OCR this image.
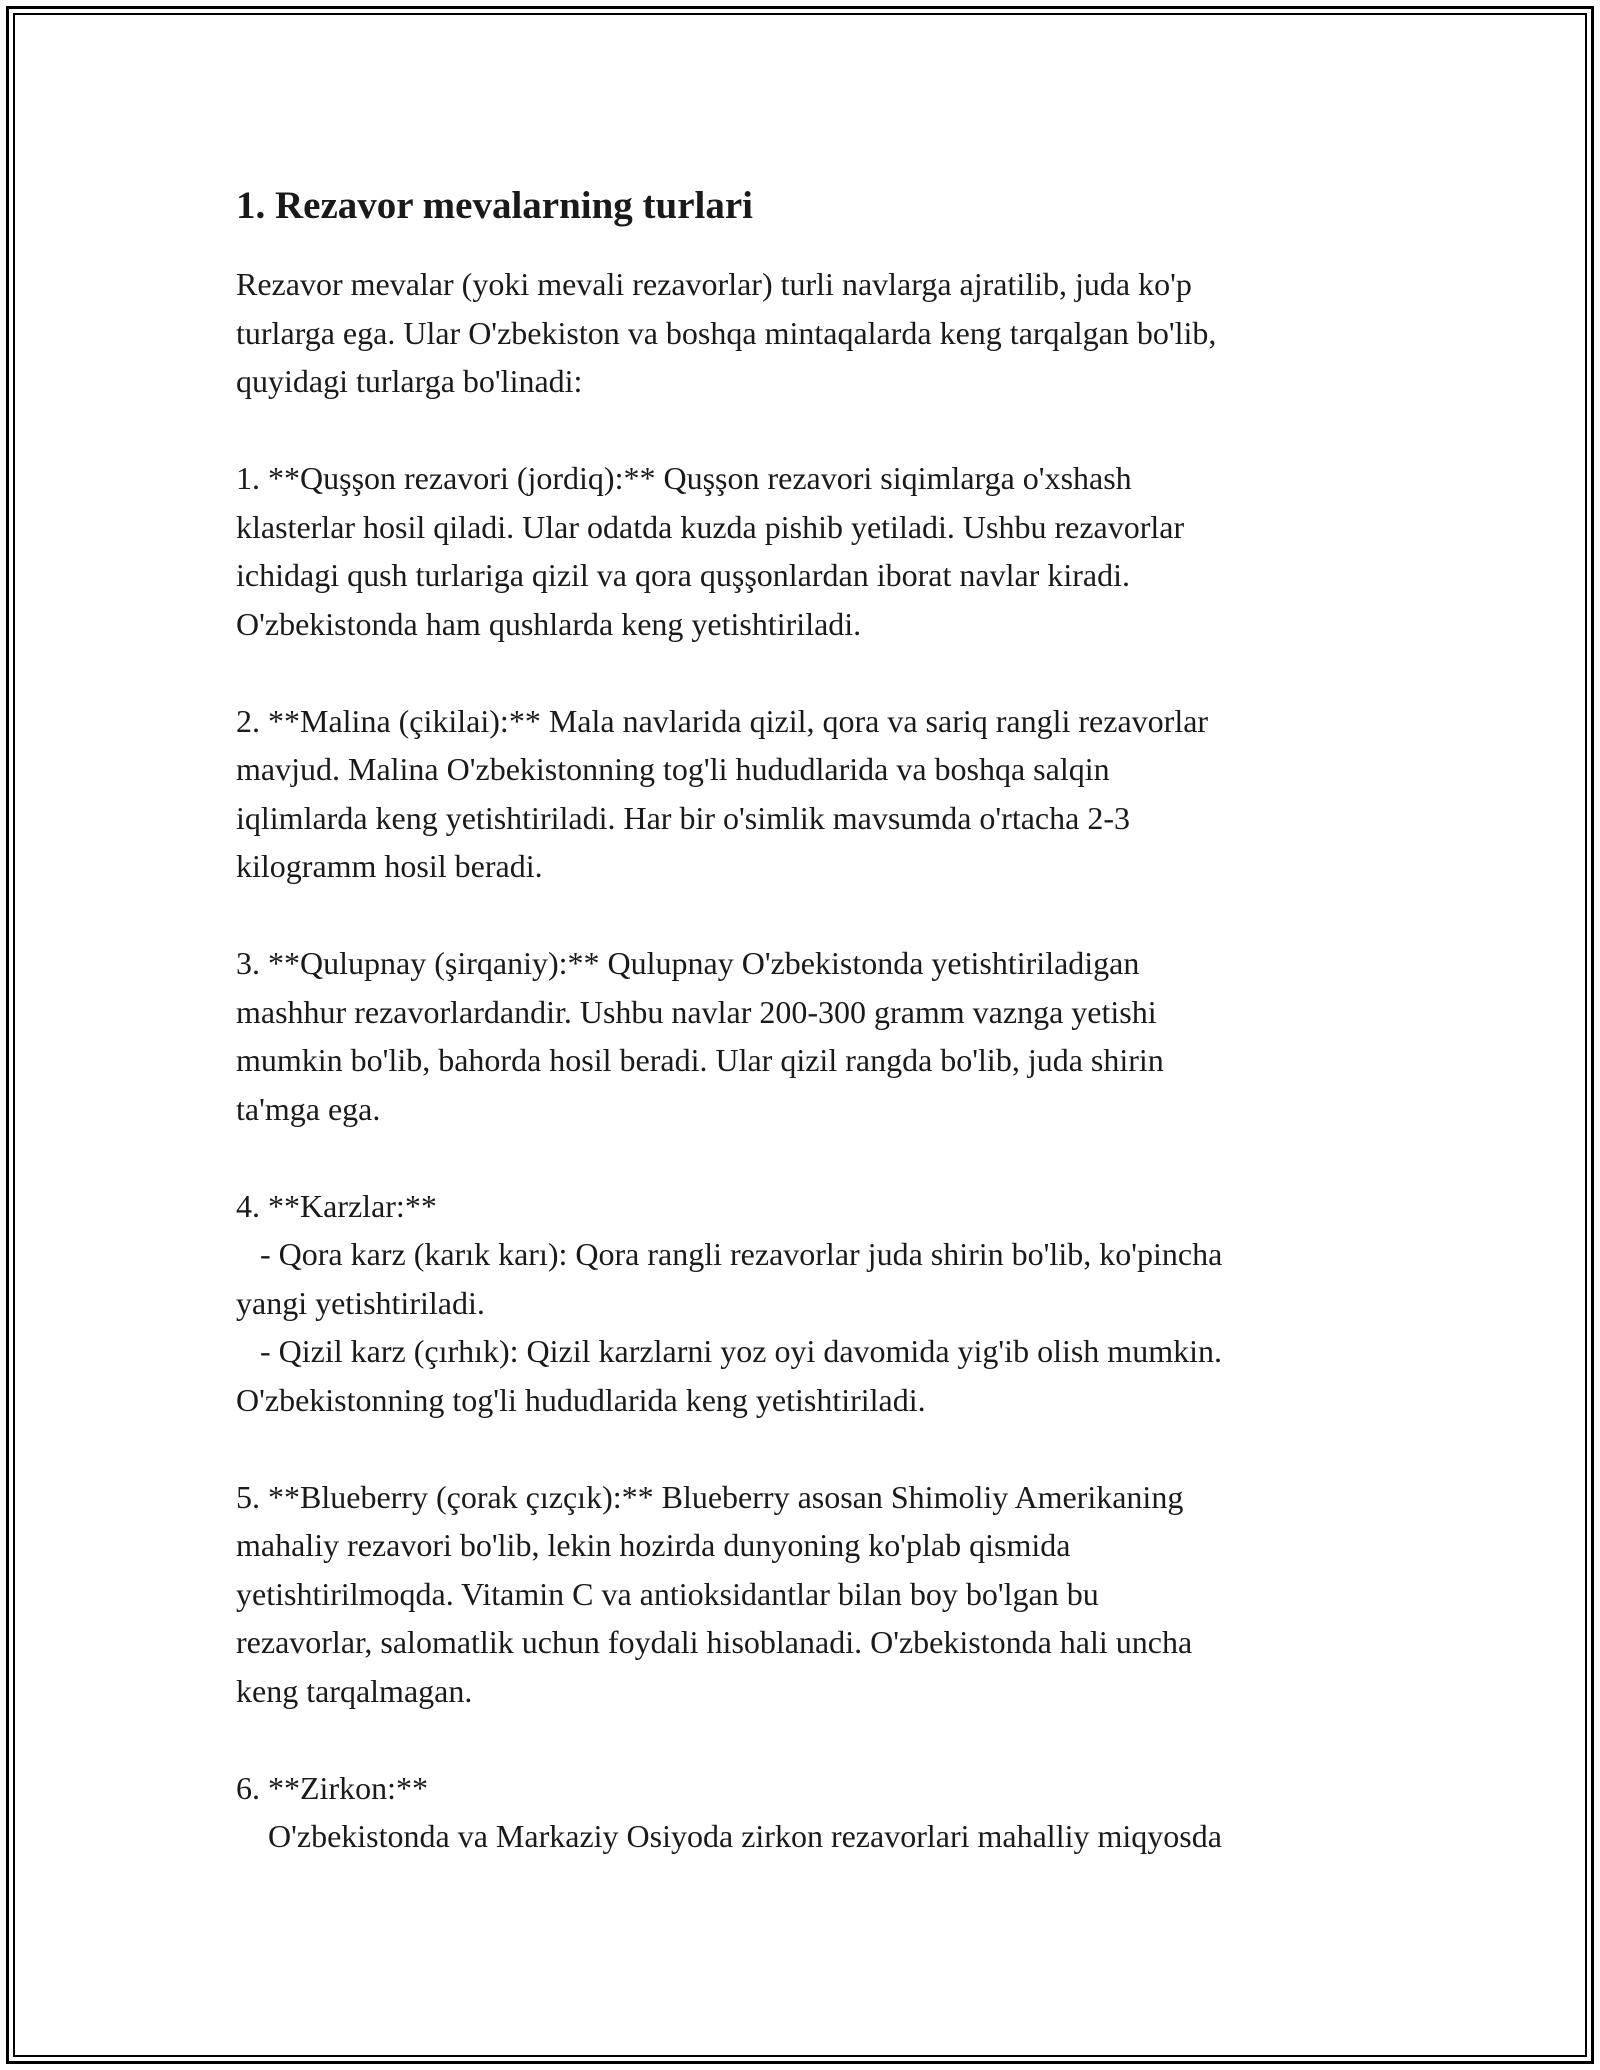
1. Rezavor mevalarning turlari

Rezavor mevalar (yoki mevali rezavorlar) turli navlarga ajratilib, juda ko'p
turlarga ega. Ular O'zbekiston va boshqa mintaqalarda keng tarqalgan bo'lib,
quyidagi turlarga bo'linadi:

1. **Quşşon rezavori (jordiq):** Quşşon rezavori siqimlarga o'xshash
klasterlar hosil qiladi. Ular odatda kuzda pishib yetiladi. Ushbu rezavorlar
ichidagi qush turlariga qizil va qora quşşonlardan iborat navlar kiradi.
O'zbekistonda ham qushlarda keng yetishtiriladi.

2. **Malina (çikilai):** Mala navlarida qizil, qora va sariq rangli rezavorlar
mavjud. Malina O'zbekistonning tog'li hududlarida va boshqa salqin
iqlimlarda keng yetishtiriladi. Har bir o'simlik mavsumda o'rtacha 2-3
kilogramm hosil beradi.

3. **Qulupnay (şirqaniy):** Qulupnay O'zbekistonda yetishtiriladigan
mashhur rezavorlardandir. Ushbu navlar 200-300 gramm vaznga yetishi
mumkin bo'lib, bahorda hosil beradi. Ular qizil rangda bo'lib, juda shirin
ta'mga ega.

4. **Karzlar:**
- Qora karz (karık karı): Qora rangli rezavorlar juda shirin bo'lib, ko'pincha
yangi yetishtiriladi.
- Qizil karz (çırhık): Qizil karzlarni yoz oyi davomida yig'ib olish mumkin.
O'zbekistonning tog'li hududlarida keng yetishtiriladi.

5. **Blueberry (çorak çızçık):** Blueberry asosan Shimoliy Amerikaning
mahaliy rezavori bo'lib, lekin hozirda dunyoning ko'plab qismida
yetishtirilmoqda. Vitamin C va antioksidantlar bilan boy bo'lgan bu
rezavorlar, salomatlik uchun foydali hisoblanadi. O'zbekistonda hali uncha
keng tarqalmagan.

6. **Zirkon:**
O'zbekistonda va Markaziy Osiyoda zirkon rezavorlari mahalliy miqyosda
